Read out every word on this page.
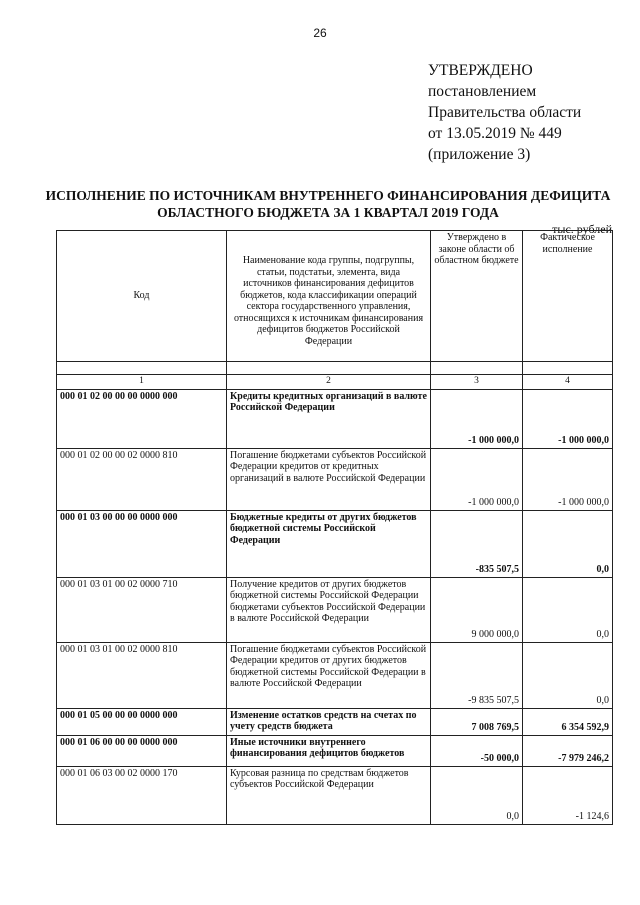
26
УТВЕРЖДЕНО
постановлением
Правительства области
от 13.05.2019 № 449
(приложение 3)
ИСПОЛНЕНИЕ ПО ИСТОЧНИКАМ ВНУТРЕННЕГО ФИНАНСИРОВАНИЯ ДЕФИЦИТА
ОБЛАСТНОГО БЮДЖЕТА ЗА 1 КВАРТАЛ 2019 ГОДА
тыс. рублей
Код	Наименование кода группы, подгруппы, статьи, подстатьи, элемента, вида источников финансирования дефицитов бюджетов, кода классификации операций сектора государственного управления, относящихся к источникам финансирования дефицитов бюджетов Российской Федерации	Утверждено в законе области об областном бюджете	Фактическое исполнение

1	2	3	4
000 01 02 00 00 00 0000 000	Кредиты кредитных организаций в валюте Российской Федерации	-1 000 000,0	-1 000 000,0
000 01 02 00 00 02 0000 810	Погашение бюджетами субъектов Российской Федерации кредитов от кредитных организаций в валюте Российской Федерации	-1 000 000,0	-1 000 000,0
000 01 03 00 00 00 0000 000	Бюджетные кредиты от других бюджетов бюджетной системы Российской Федерации	-835 507,5	0,0
000 01 03 01 00 02 0000 710	Получение кредитов от других бюджетов бюджетной системы Российской Федерации бюджетами субъектов Российской Федерации в валюте Российской Федерации	9 000 000,0	0,0
000 01 03 01 00 02 0000 810	Погашение бюджетами субъектов Российской Федерации кредитов от других бюджетов бюджетной системы Российской Федерации в валюте Российской Федерации	-9 835 507,5	0,0
000 01 05 00 00 00 0000 000	Изменение остатков средств на счетах по учету средств бюджета	7 008 769,5	6 354 592,9
000 01 06 00 00 00 0000 000	Иные источники внутреннего финансирования дефицитов бюджетов	-50 000,0	-7 979 246,2
000 01 06 03 00 02 0000 170	Курсовая разница по средствам бюджетов субъектов Российской Федерации	0,0	-1 124,6
